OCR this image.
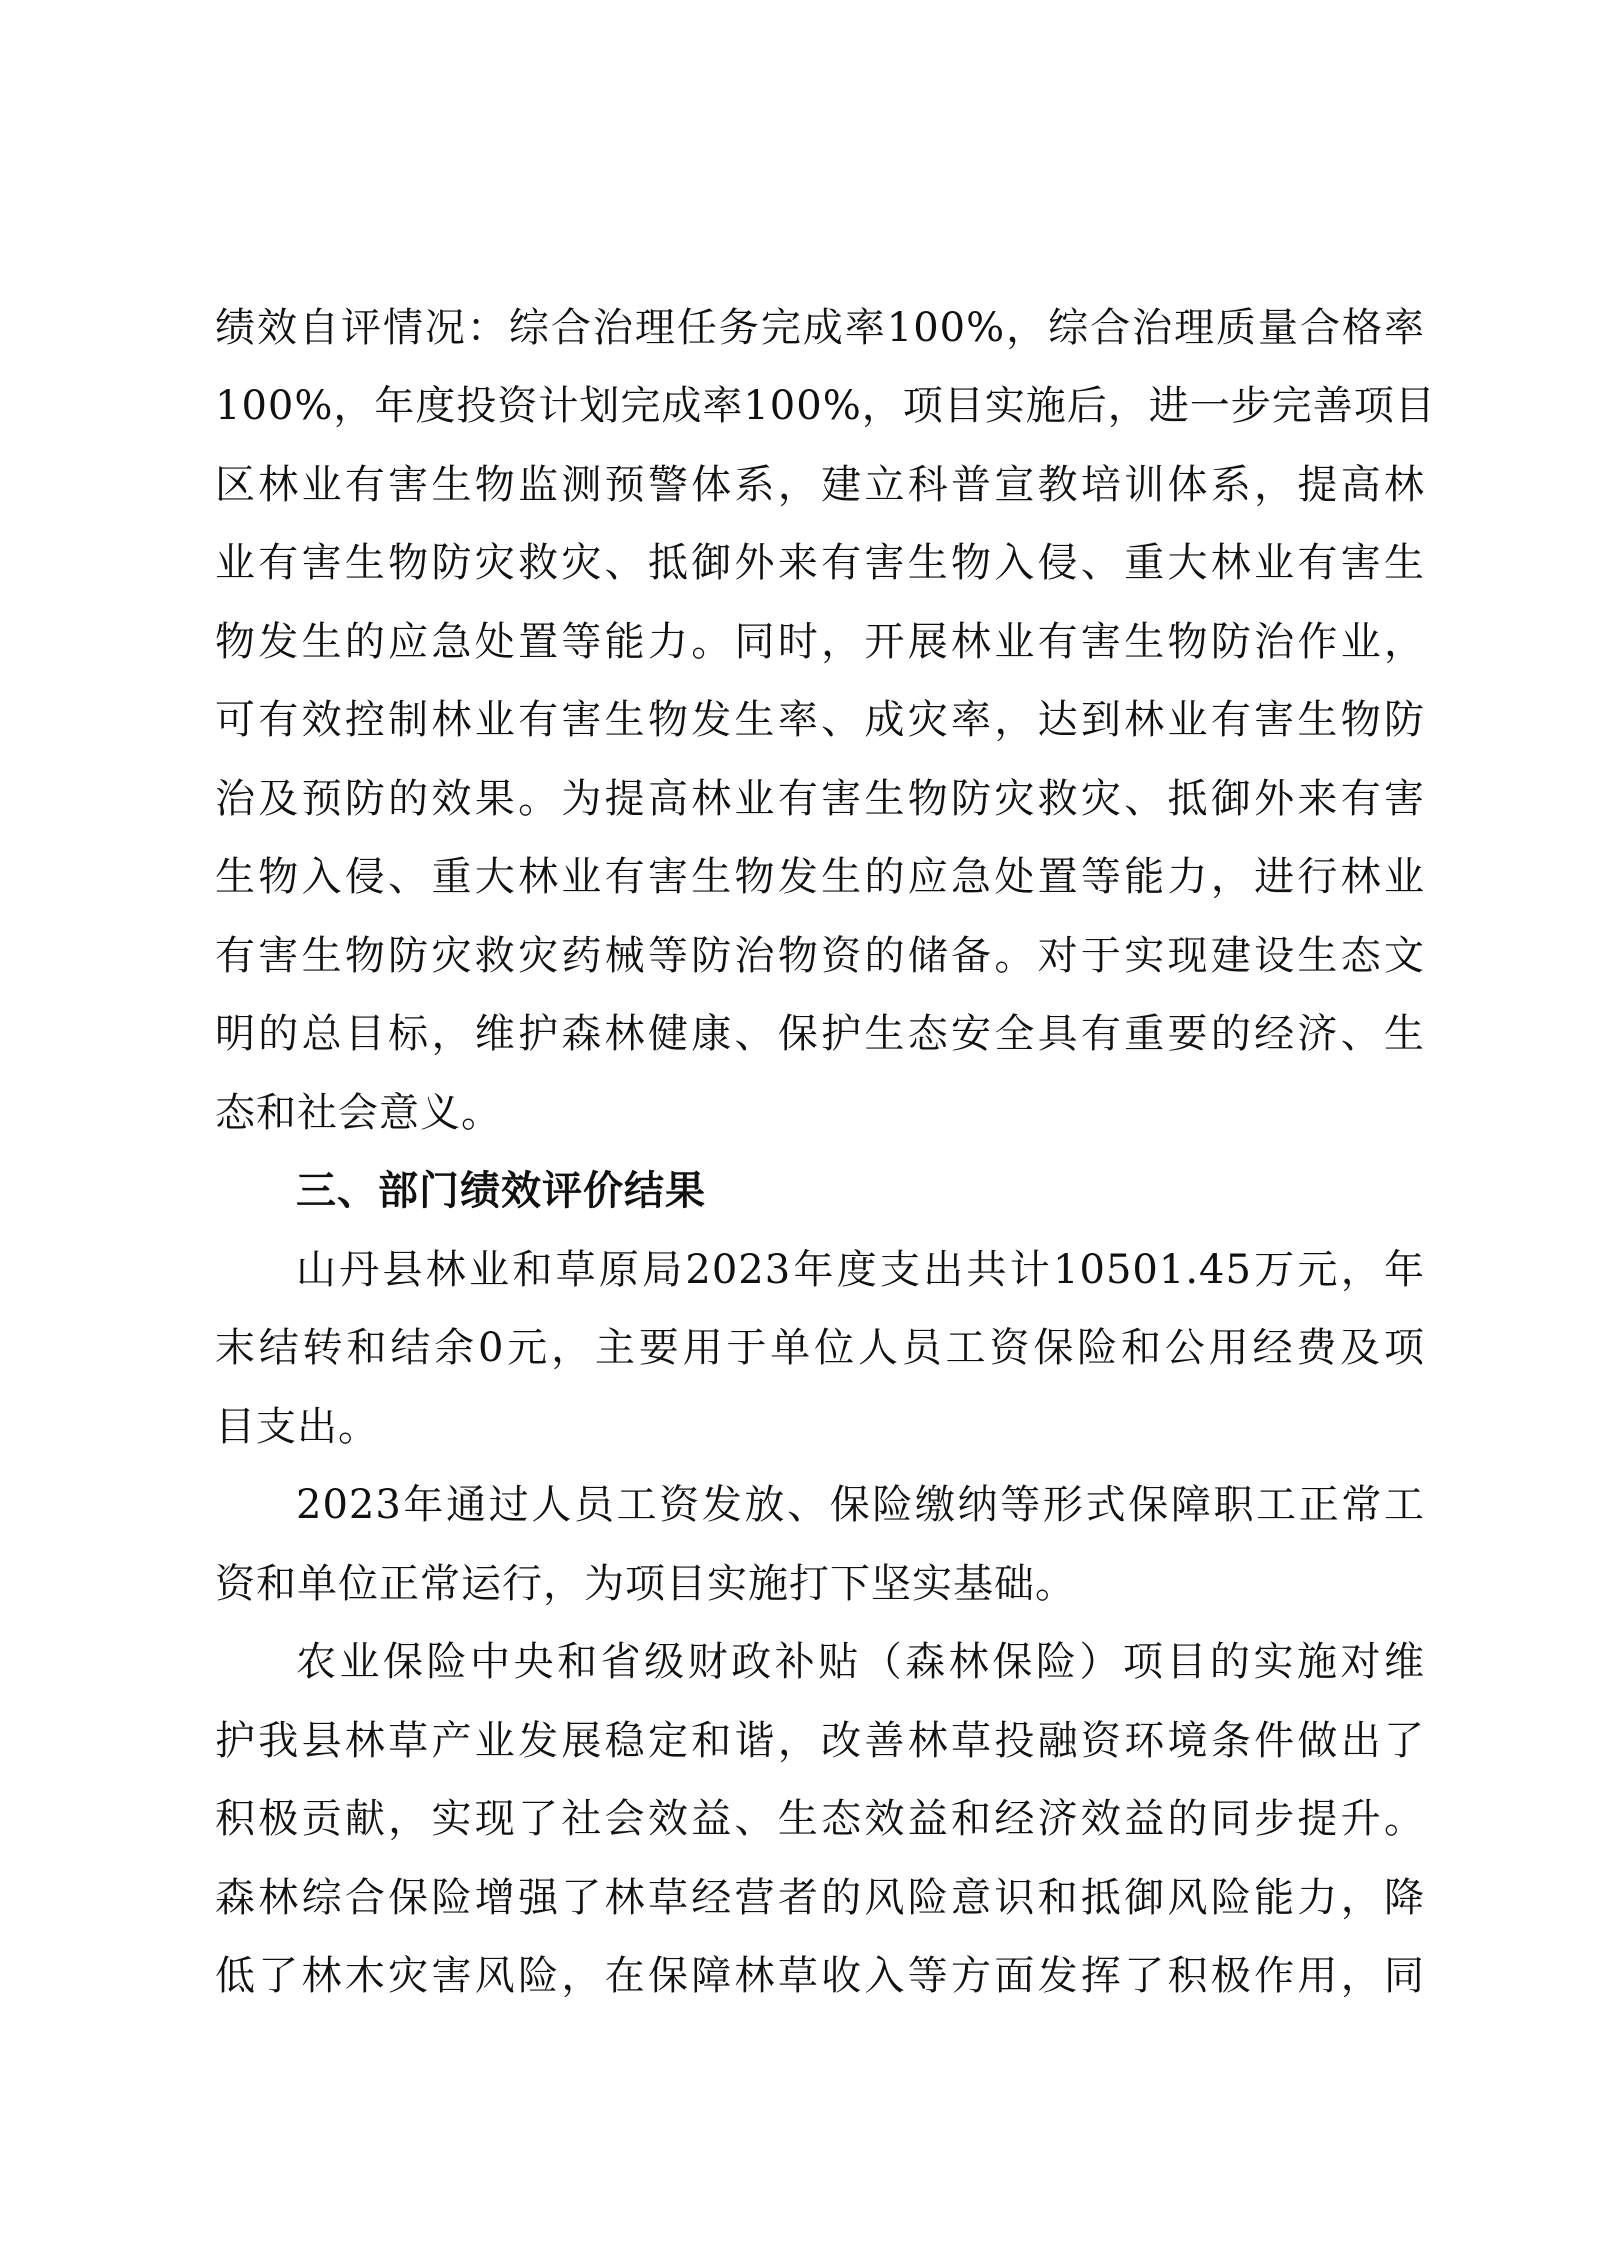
绩效自评情况：综合治理任务完成率100%，综合治理质量合格率
100%，年度投资计划完成率100%，项目实施后，进一步完善项目
区林业有害生物监测预警体系，建立科普宣教培训体系，提高林
业有害生物防灾救灾、抵御外来有害生物入侵、重大林业有害生
物发生的应急处置等能力。同时，开展林业有害生物防治作业，
可有效控制林业有害生物发生率、成灾率，达到林业有害生物防
治及预防的效果。为提高林业有害生物防灾救灾、抵御外来有害
生物入侵、重大林业有害生物发生的应急处置等能力，进行林业
有害生物防灾救灾药械等防治物资的储备。对于实现建设生态文
明的总目标，维护森林健康、保护生态安全具有重要的经济、生
态和社会意义。
三、部门绩效评价结果
山丹县林业和草原局2023年度支出共计10501.45万元，年
末结转和结余0元，主要用于单位人员工资保险和公用经费及项
目支出。
2023年通过人员工资发放、保险缴纳等形式保障职工正常工
资和单位正常运行，为项目实施打下坚实基础。
农业保险中央和省级财政补贴（森林保险）项目的实施对维
护我县林草产业发展稳定和谐，改善林草投融资环境条件做出了
积极贡献，实现了社会效益、生态效益和经济效益的同步提升。
森林综合保险增强了林草经营者的风险意识和抵御风险能力，降
低了林木灾害风险，在保障林草收入等方面发挥了积极作用，同
